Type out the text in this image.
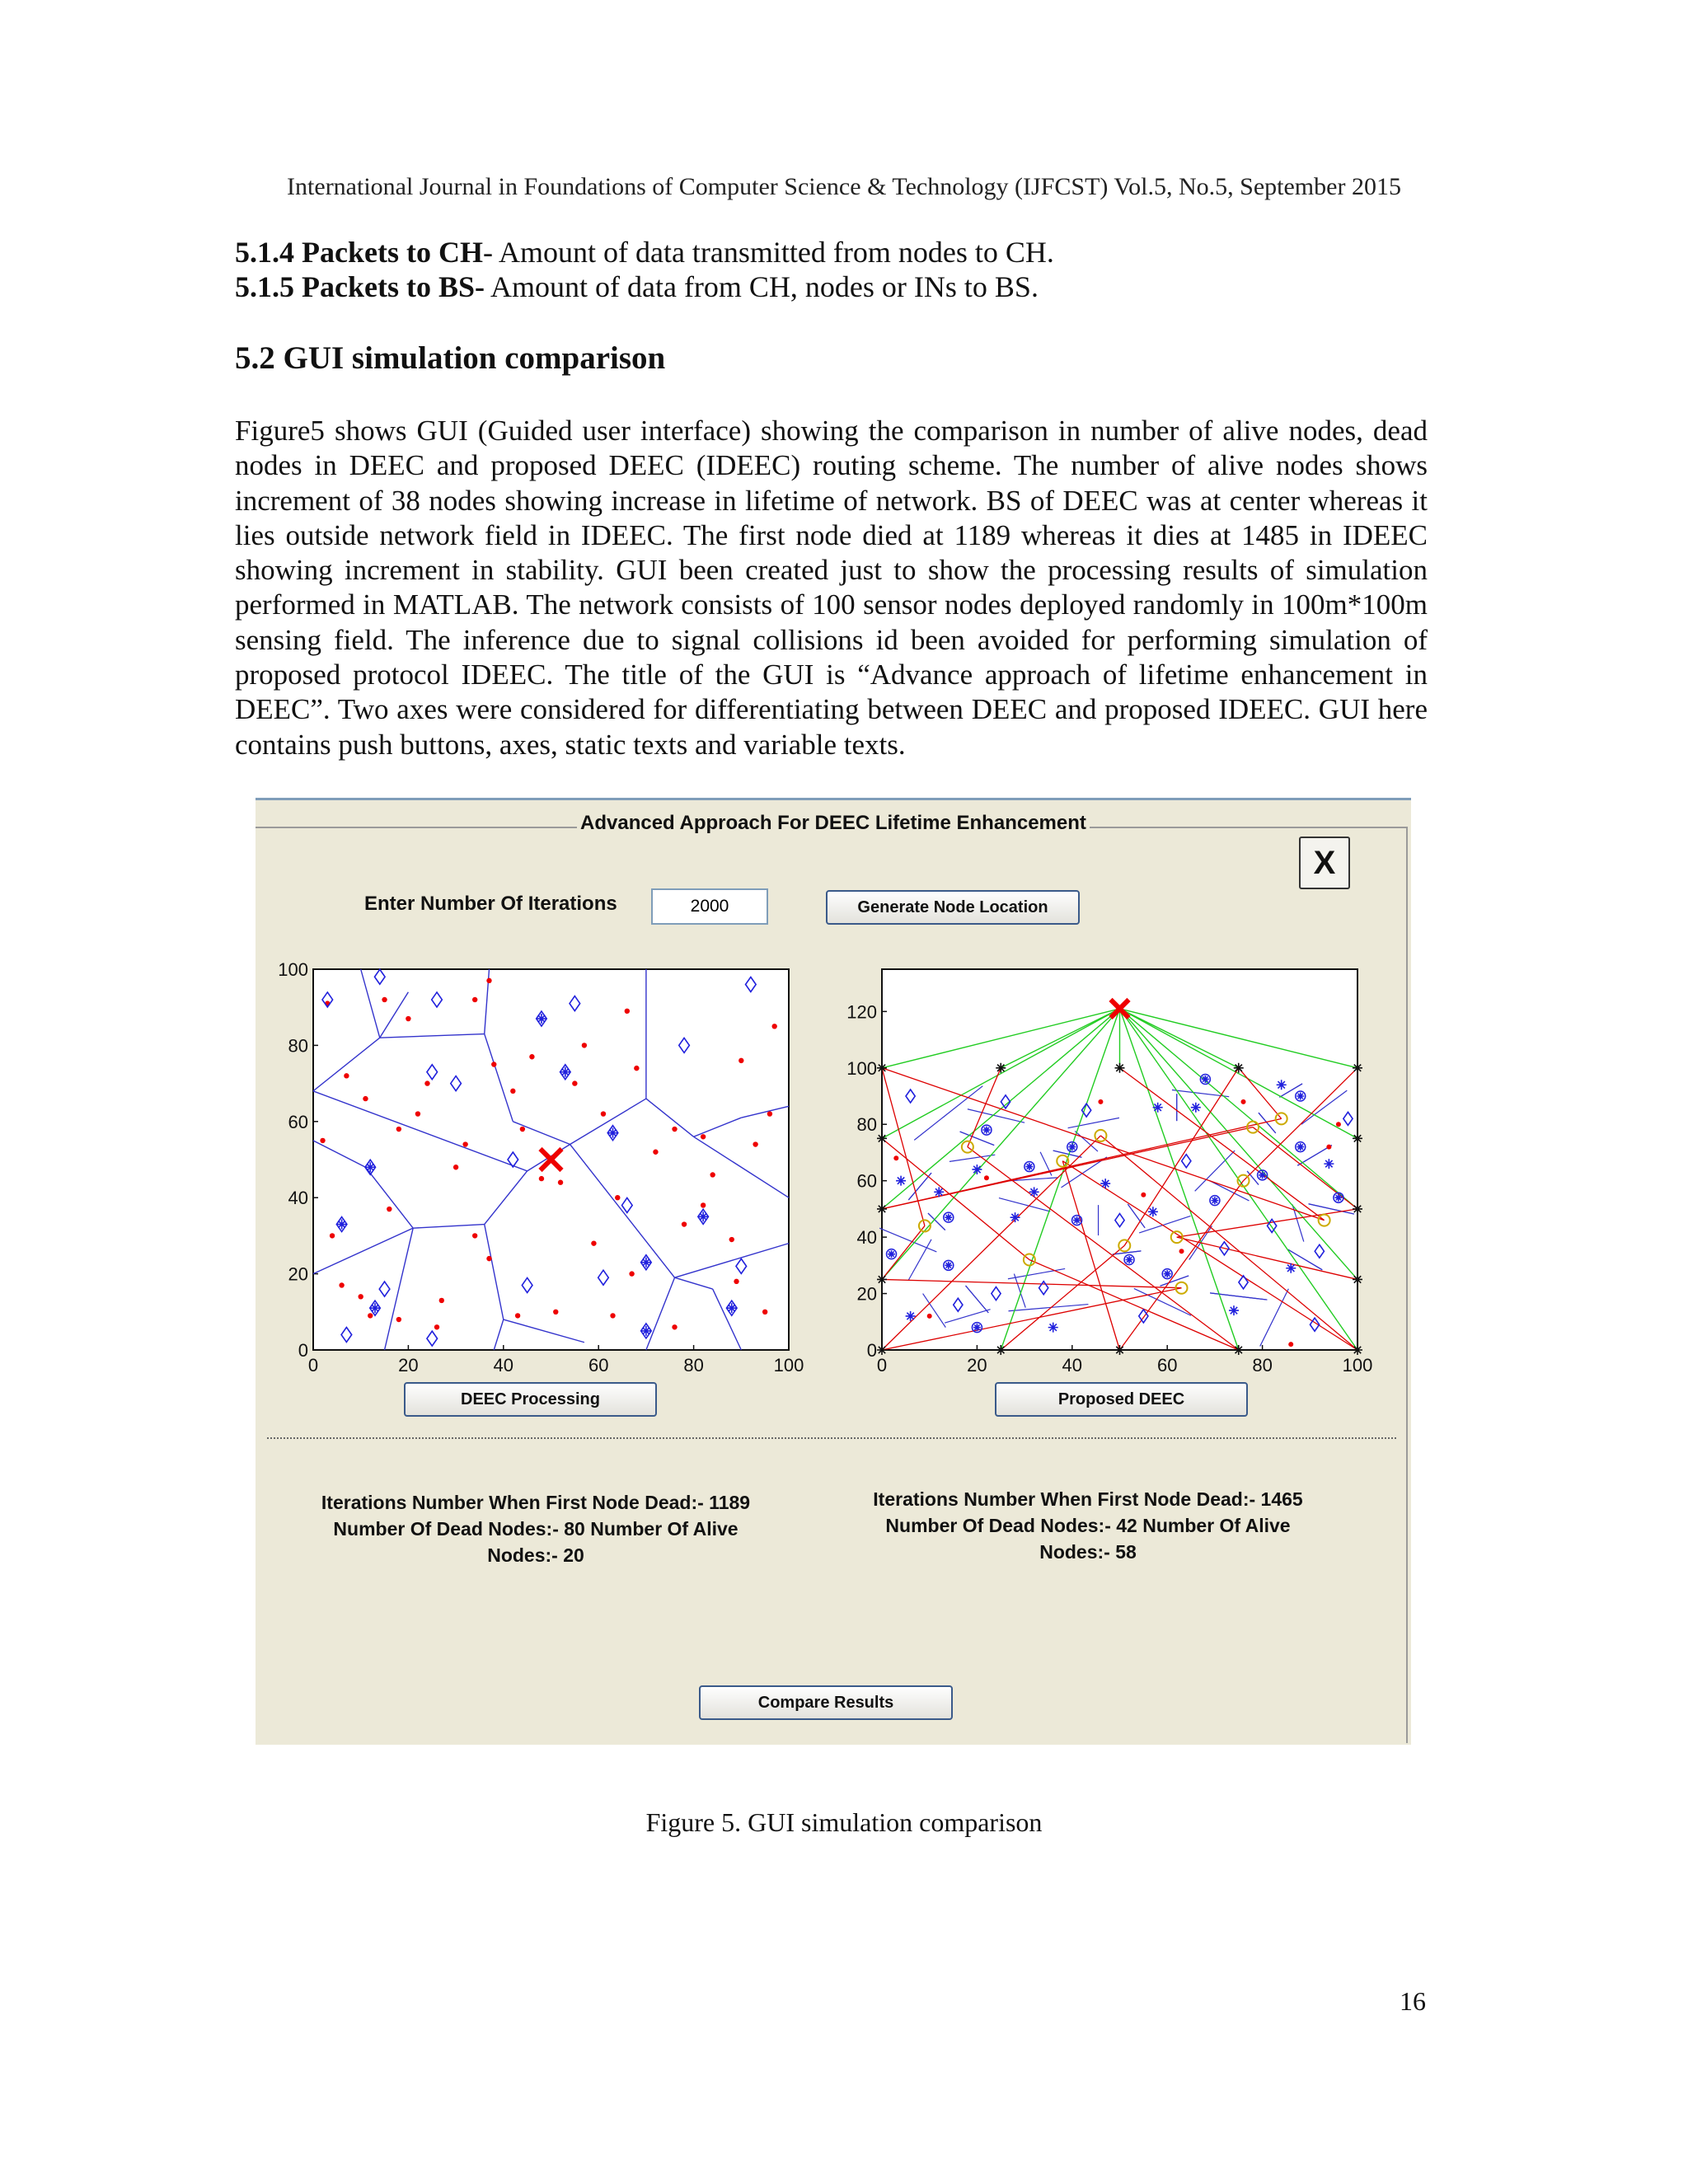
International Journal in Foundations of Computer Science & Technology (IJFCST) Vol.5, No.5, September 2015
5.1.4 Packets to CH- Amount of data transmitted from nodes to CH.
5.1.5 Packets to BS- Amount of data from CH, nodes or INs to BS.
5.2 GUI simulation comparison
Figure5 shows GUI (Guided user interface) showing the comparison in number of alive nodes, dead nodes in DEEC and proposed DEEC (IDEEC) routing scheme. The number of alive nodes shows increment of 38 nodes showing increase in lifetime of network. BS of DEEC was at center whereas it lies outside network field in IDEEC. The first node died at 1189 whereas it dies at 1485 in IDEEC showing increment in stability. GUI been created just to show the processing results of simulation performed in MATLAB. The network consists of 100 sensor nodes deployed randomly in 100m*100m sensing field. The inference due to signal collisions id been avoided for performing simulation of proposed protocol IDEEC. The title of the GUI is “Advance approach of lifetime enhancement in DEEC”. Two axes were considered for differentiating between DEEC and proposed IDEEC. GUI here contains push buttons, axes, static texts and variable texts.
Advanced Approach For DEEC Lifetime Enhancement
X
Enter Number Of Iterations
2000	Generate Node Location
0	20	40	60	80	100
0
20
40
60
80
100
0	20	40	60	80	100
0
20
40
60
80
100
120
DEEC Processing	Proposed DEEC
Iterations Number When First Node Dead:- 1189
Number Of Dead Nodes:- 80 Number Of Alive
Nodes:- 20
Iterations Number When First Node Dead:- 1465
Number Of Dead Nodes:- 42 Number Of Alive
Nodes:- 58
Compare Results
Figure 5. GUI simulation comparison
16
